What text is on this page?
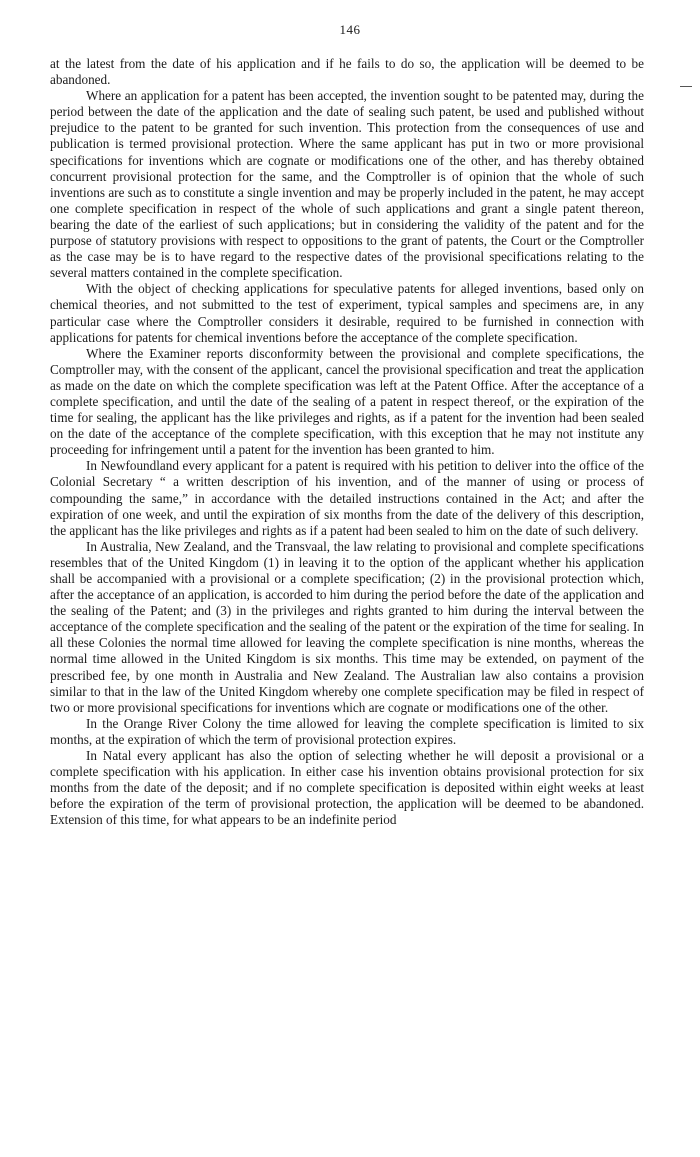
146

at the latest from the date of his application and if he fails to do so, the application will be deemed to be abandoned.

Where an application for a patent has been accepted, the invention sought to be patented may, during the period between the date of the application and the date of sealing such patent, be used and published without prejudice to the patent to be granted for such invention. This protection from the consequences of use and publication is termed provisional protection. Where the same applicant has put in two or more provisional specifications for inventions which are cognate or modifications one of the other, and has thereby obtained concurrent provisional protection for the same, and the Comptroller is of opinion that the whole of such inventions are such as to constitute a single invention and may be properly included in the patent, he may accept one complete specification in respect of the whole of such applications and grant a single patent thereon, bearing the date of the earliest of such applications; but in considering the validity of the patent and for the purpose of statutory provisions with respect to oppositions to the grant of patents, the Court or the Comptroller as the case may be is to have regard to the respective dates of the provisional specifications relating to the several matters contained in the complete specification.

With the object of checking applications for speculative patents for alleged inventions, based only on chemical theories, and not submitted to the test of experiment, typical samples and specimens are, in any particular case where the Comptroller considers it desirable, required to be furnished in connection with applications for patents for chemical inventions before the acceptance of the complete specification.

Where the Examiner reports disconformity between the provisional and complete specifications, the Comptroller may, with the consent of the applicant, cancel the provisional specification and treat the application as made on the date on which the complete specification was left at the Patent Office. After the acceptance of a complete specification, and until the date of the sealing of a patent in respect thereof, or the expiration of the time for sealing, the applicant has the like privileges and rights, as if a patent for the invention had been sealed on the date of the acceptance of the complete specification, with this exception that he may not institute any proceeding for infringement until a patent for the invention has been granted to him.

In Newfoundland every applicant for a patent is required with his petition to deliver into the office of the Colonial Secretary “ a written description of his invention, and of the manner of using or process of compounding the same,” in accordance with the detailed instructions contained in the Act; and after the expiration of one week, and until the expiration of six months from the date of the delivery of this description, the applicant has the like privileges and rights as if a patent had been sealed to him on the date of such delivery.

In Australia, New Zealand, and the Transvaal, the law relating to provisional and complete specifications resembles that of the United Kingdom (1) in leaving it to the option of the applicant whether his application shall be accompanied with a provisional or a complete specification; (2) in the provisional protection which, after the acceptance of an application, is accorded to him during the period before the date of the application and the sealing of the Patent; and (3) in the privileges and rights granted to him during the interval between the acceptance of the complete specification and the sealing of the patent or the expiration of the time for sealing. In all these Colonies the normal time allowed for leaving the complete specification is nine months, whereas the normal time allowed in the United Kingdom is six months. This time may be extended, on payment of the prescribed fee, by one month in Australia and New Zealand. The Australian law also contains a provision similar to that in the law of the United Kingdom whereby one complete specification may be filed in respect of two or more provisional specifications for inventions which are cognate or modifications one of the other.

In the Orange River Colony the time allowed for leaving the complete specification is limited to six months, at the expiration of which the term of provisional protection expires.

In Natal every applicant has also the option of selecting whether he will deposit a provisional or a complete specification with his application. In either case his invention obtains provisional protection for six months from the date of the deposit; and if no complete specification is deposited within eight weeks at least before the expiration of the term of provisional protection, the application will be deemed to be abandoned. Extension of this time, for what appears to be an indefinite period
